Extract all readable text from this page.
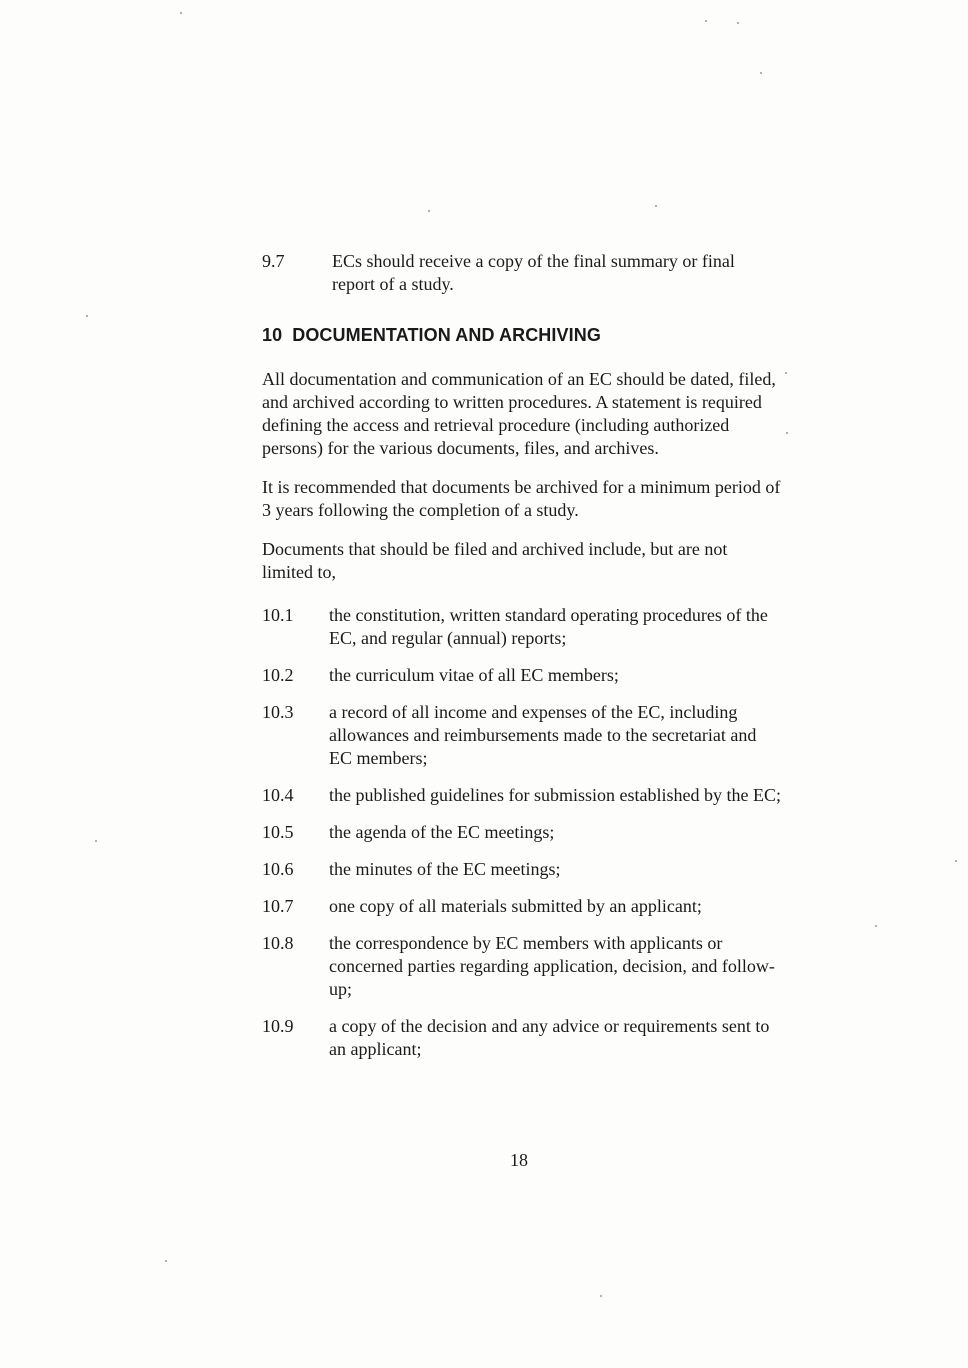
9.7	ECs should receive a copy of the final summary or final report of a study.
10 DOCUMENTATION AND ARCHIVING

All documentation and communication of an EC should be dated, filed, and archived according to written procedures. A statement is required defining the access and retrieval procedure (including authorized persons) for the various documents, files, and archives.

It is recommended that documents be archived for a minimum period of 3 years following the completion of a study.

Documents that should be filed and archived include, but are not limited to,

10.1	the constitution, written standard operating procedures of the EC, and regular (annual) reports;
10.2	the curriculum vitae of all EC members;
10.3	a record of all income and expenses of the EC, including allowances and reimbursements made to the secretariat and EC members;
10.4	the published guidelines for submission established by the EC;
10.5	the agenda of the EC meetings;
10.6	the minutes of the EC meetings;
10.7	one copy of all materials submitted by an applicant;
10.8	the correspondence by EC members with applicants or concerned parties regarding application, decision, and follow-up;
10.9	a copy of the decision and any advice or requirements sent to an applicant;
18
